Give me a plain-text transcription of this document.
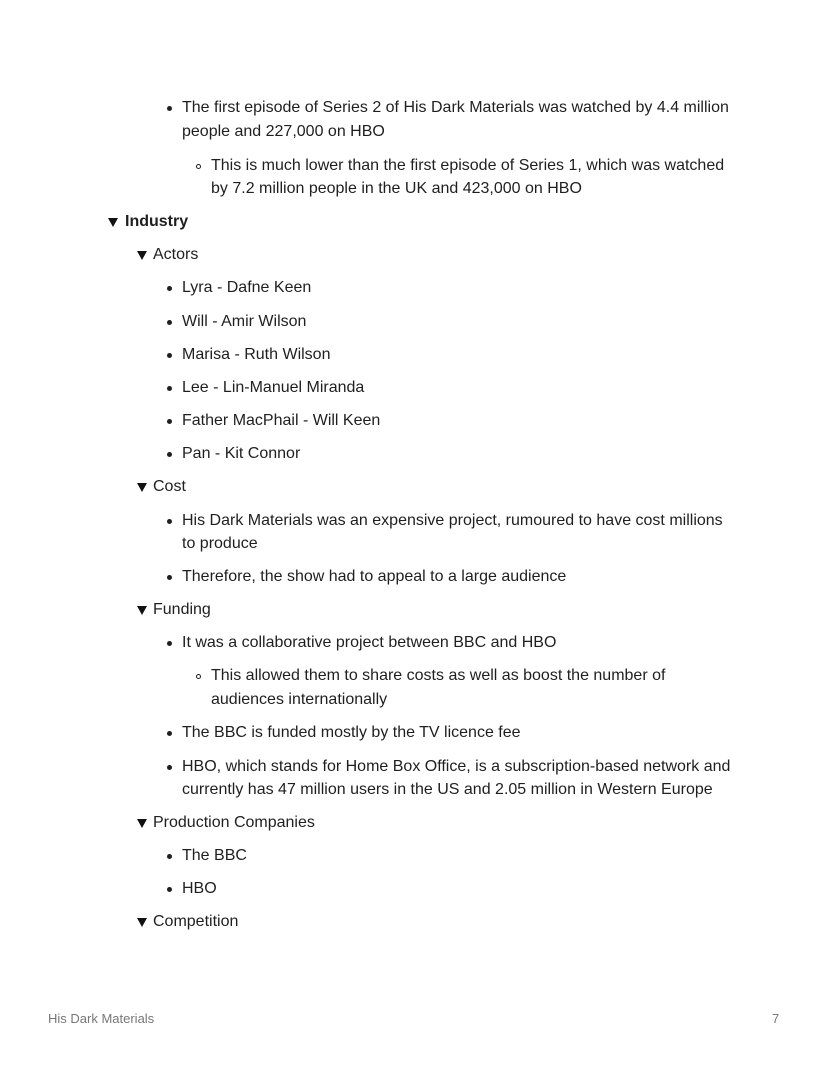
The first episode of Series 2 of His Dark Materials was watched by 4.4 million
people and 227,000 on HBO
This is much lower than the first episode of Series 1, which was watched
by 7.2 million people in the UK and 423,000 on HBO
Industry
Actors
Lyra - Dafne Keen
Will - Amir Wilson
Marisa - Ruth Wilson
Lee - Lin-Manuel Miranda
Father MacPhail - Will Keen
Pan - Kit Connor
Cost
His Dark Materials was an expensive project, rumoured to have cost millions
to produce
Therefore, the show had to appeal to a large audience
Funding
It was a collaborative project between BBC and HBO
This allowed them to share costs as well as boost the number of
audiences internationally
The BBC is funded mostly by the TV licence fee
HBO, which stands for Home Box Office, is a subscription-based network and
currently has 47 million users in the US and 2.05 million in Western Europe
Production Companies
The BBC
HBO
Competition
His Dark Materials	7
